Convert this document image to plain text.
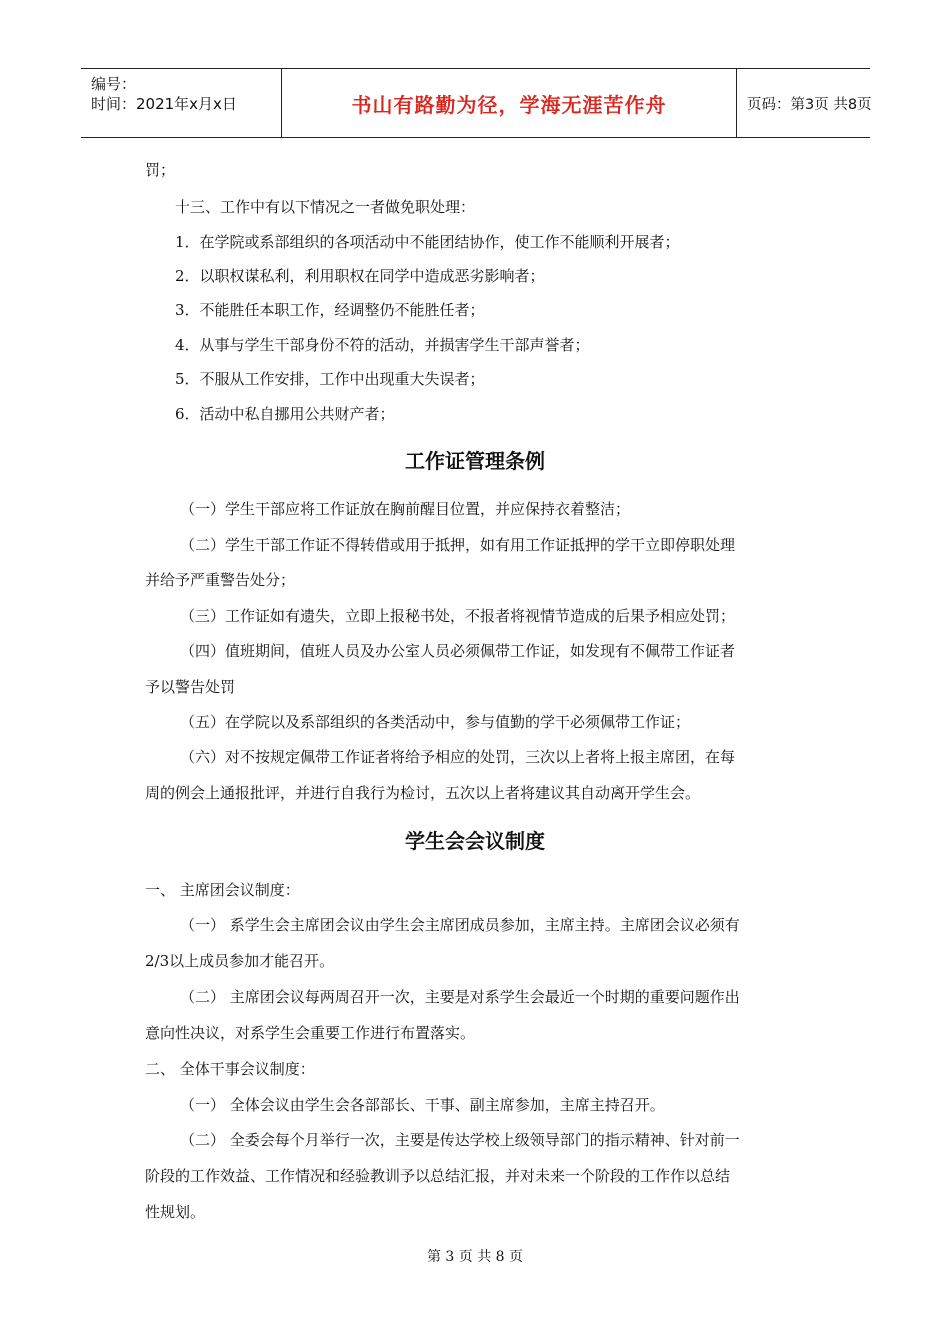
编号：
时间：2021年x月x日	书山有路勤为径，学海无涯苦作舟	页码：第3页 共8页
罚；
十三、工作中有以下情况之一者做免职处理：
1．在学院或系部组织的各项活动中不能团结协作，使工作不能顺利开展者；
2．以职权谋私利，利用职权在同学中造成恶劣影响者；
3．不能胜任本职工作，经调整仍不能胜任者；
4．从事与学生干部身份不符的活动，并损害学生干部声誉者；
5．不服从工作安排，工作中出现重大失误者；
6．活动中私自挪用公共财产者；
工作证管理条例
（一）学生干部应将工作证放在胸前醒目位置，并应保持衣着整洁；
（二）学生干部工作证不得转借或用于抵押，如有用工作证抵押的学干立即停职处理
并给予严重警告处分；
（三）工作证如有遗失，立即上报秘书处，不报者将视情节造成的后果予相应处罚；
（四）值班期间，值班人员及办公室人员必须佩带工作证，如发现有不佩带工作证者
予以警告处罚
（五）在学院以及系部组织的各类活动中，参与值勤的学干必须佩带工作证；
（六）对不按规定佩带工作证者将给予相应的处罚，三次以上者将上报主席团，在每
周的例会上通报批评，并进行自我行为检讨，五次以上者将建议其自动离开学生会。
学生会会议制度
一、 主席团会议制度：
（一） 系学生会主席团会议由学生会主席团成员参加，主席主持。主席团会议必须有
2/3以上成员参加才能召开。
（二） 主席团会议每两周召开一次，主要是对系学生会最近一个时期的重要问题作出
意向性决议，对系学生会重要工作进行布置落实。
二、 全体干事会议制度：
（一） 全体会议由学生会各部部长、干事、副主席参加，主席主持召开。
（二） 全委会每个月举行一次，主要是传达学校上级领导部门的指示精神、针对前一
阶段的工作效益、工作情况和经验教训予以总结汇报，并对未来一个阶段的工作作以总结
性规划。
第 3 页 共 8 页
